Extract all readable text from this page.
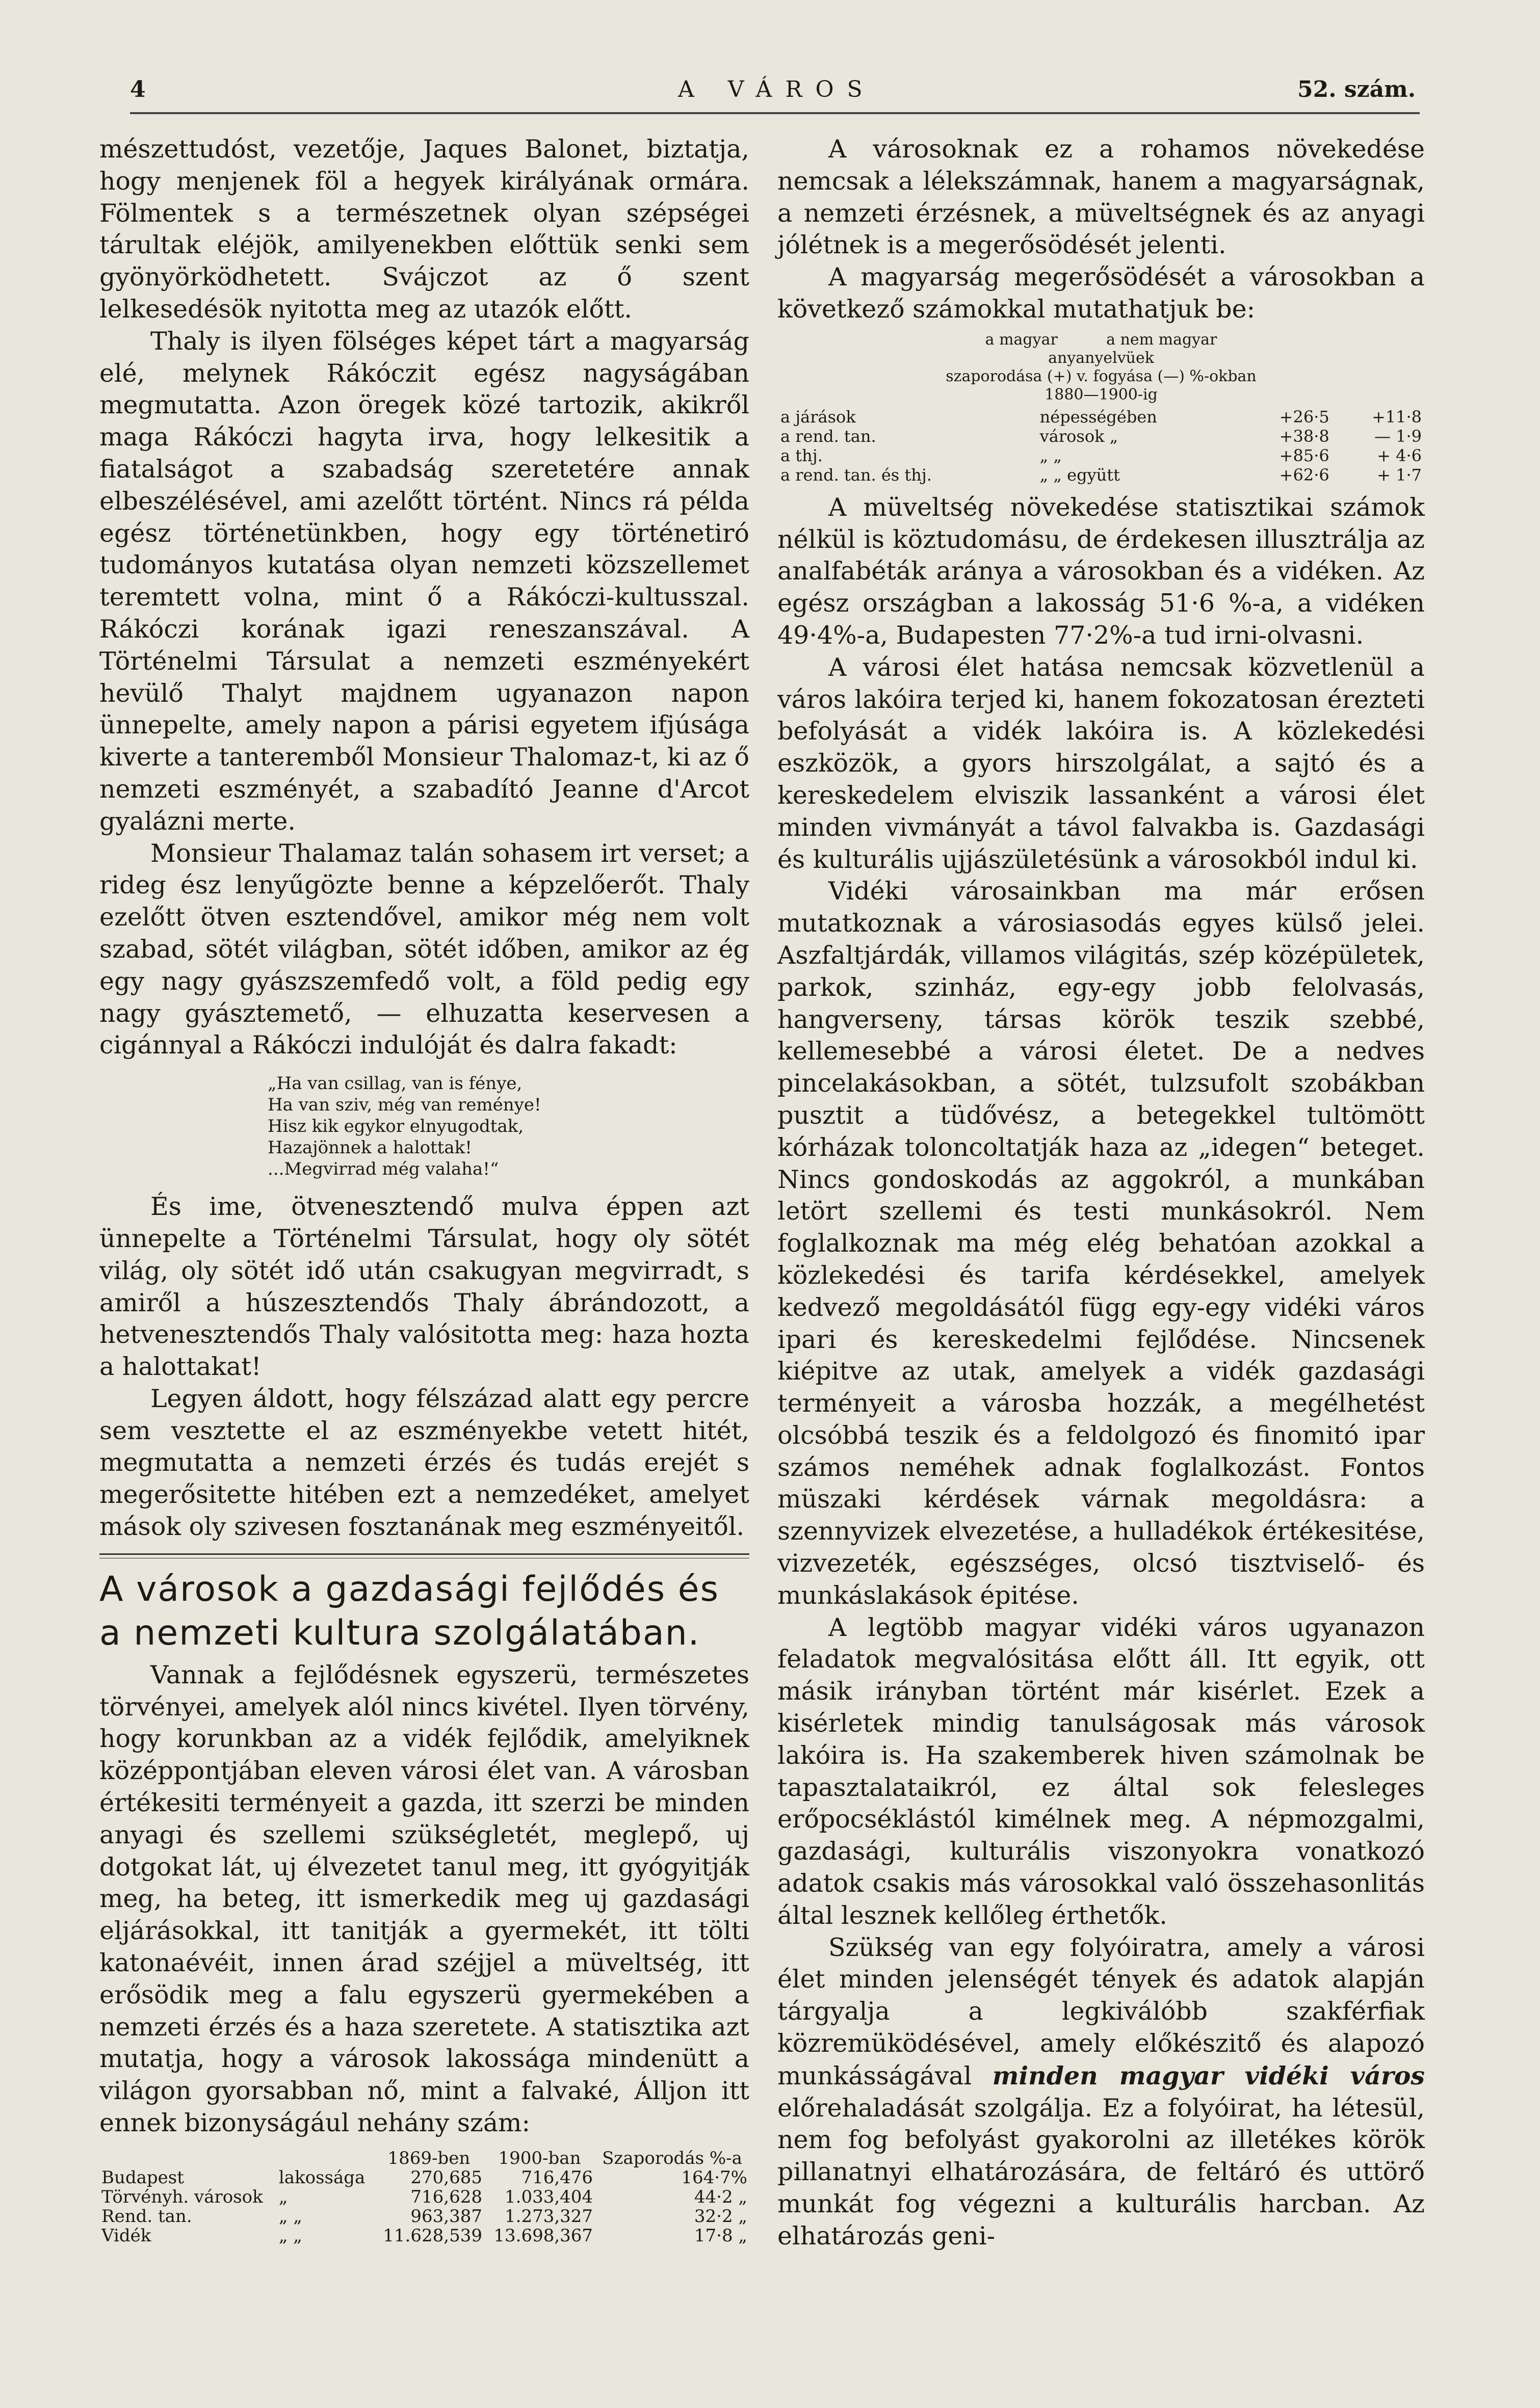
4	A VÁROS	52. szám.

mészettudóst, vezetője, Jaques Balonet, biztatja, hogy menjenek föl a hegyek királyának ormára. Fölmentek s a természetnek olyan szépségei tárultak eléjök, amilyenekben előttük senki sem gyönyörködhetett. Svájczot az ő szent lelkesedésök nyitotta meg az utazók előtt.

Thaly is ilyen fölséges képet tárt a magyarság elé, melynek Rákóczit egész nagyságában megmutatta. Azon öregek közé tartozik, akikről maga Rákóczi hagyta irva, hogy lelkesitik a fiatalságot a szabadság szeretetére annak elbeszélésével, ami azelőtt történt. Nincs rá példa egész történetünkben, hogy egy történetiró tudományos kutatása olyan nemzeti közszellemet teremtett volna, mint ő a Rákóczi-kultusszal. Rákóczi korának igazi reneszanszával. A Történelmi Társulat a nemzeti eszményekért hevülő Thalyt majdnem ugyanazon napon ünnepelte, amely napon a párisi egyetem ifjúsága kiverte a tanteremből Monsieur Thalomaz-t, ki az ő nemzeti eszményét, a szabadító Jeanne d'Arcot gyalázni merte.

Monsieur Thalamaz talán sohasem irt verset; a rideg ész lenyűgözte benne a képzelőerőt. Thaly ezelőtt ötven esztendővel, amikor még nem volt szabad, sötét világban, sötét időben, amikor az ég egy nagy gyászszemfedő volt, a föld pedig egy nagy gyásztemető, — elhuzatta keservesen a cigánnyal a Rákóczi indulóját és dalra fakadt:

„Ha van csillag, van is fénye,
Ha van sziv, még van reménye!
Hisz kik egykor elnyugodtak,
Hazajönnek a halottak!
...Megvirrad még valaha!“

És ime, ötvenesztendő mulva éppen azt ünnepelte a Történelmi Társulat, hogy oly sötét világ, oly sötét idő után csakugyan megvirradt, s amiről a húszesztendős Thaly ábrándozott, a hetvenesztendős Thaly valósitotta meg: haza hozta a halottakat!

Legyen áldott, hogy félszázad alatt egy percre sem vesztette el az eszményekbe vetett hitét, megmutatta a nemzeti érzés és tudás erejét s megerősitette hitében ezt a nemzedéket, amelyet mások oly szivesen fosztanának meg eszményeitől.

A városok a gazdasági fejlődés és a nemzeti kultura szolgálatában.

Vannak a fejlődésnek egyszerü, természetes törvényei, amelyek alól nincs kivétel. Ilyen törvény, hogy korunkban az a vidék fejlődik, amelyiknek középpontjában eleven városi élet van. A városban értékesiti terményeit a gazda, itt szerzi be minden anyagi és szellemi szükségletét, meglepő, uj dotgokat lát, uj élvezetet tanul meg, itt gyógyitják meg, ha beteg, itt ismerkedik meg uj gazdasági eljárásokkal, itt tanitják a gyermekét, itt tölti katonaévéit, innen árad széjjel a müveltség, itt erősödik meg a falu egyszerü gyermekében a nemzeti érzés és a haza szeretete. A statisztika azt mutatja, hogy a városok lakossága mindenütt a világon gyorsabban nő, mint a falvaké, Álljon itt ennek bizonyságául nehány szám:

		1869-ben	1900-ban	Szaporodás %-a
Budapest	lakossága	270,685	716,476	164·7%
Törvényh. városok	„	716,628	1.033,404	44·2 „
Rend. tan.	„ „	963,387	1.273,327	32·2 „
Vidék	„ „	11.628,539	13.698,367	17·8 „

A városoknak ez a rohamos növekedése nemcsak a lélekszámnak, hanem a magyarságnak, a nemzeti érzésnek, a müveltségnek és az anyagi jólétnek is a megerősödését jelenti.

A magyarság megerősödését a városokban a következő számokkal mutathatjuk be:

a magyar          a nem magyar
anyanyelvüek
szaporodása (+) v. fogyása (—) %-okban
1880—1900-ig
a járások	népességében	+26·5	+11·8
a rend. tan.	városok „	+38·8	— 1·9
a thj.	„ „	+85·6	+ 4·6
a rend. tan. és thj.	„ „ együtt	+62·6	+ 1·7

A müveltség növekedése statisztikai számok nélkül is köztudomásu, de érdekesen illusztrálja az analfabéták aránya a városokban és a vidéken. Az egész országban a lakosság 51·6 %-a, a vidéken 49·4%-a, Budapesten 77·2%-a tud irni-olvasni.

A városi élet hatása nemcsak közvetlenül a város lakóira terjed ki, hanem fokozatosan érezteti befolyását a vidék lakóira is. A közlekedési eszközök, a gyors hirszolgálat, a sajtó és a kereskedelem elviszik lassanként a városi élet minden vivmányát a távol falvakba is. Gazdasági és kulturális ujjászületésünk a városokból indul ki.

Vidéki városainkban ma már erősen mutatkoznak a városiasodás egyes külső jelei. Aszfaltjárdák, villamos világitás, szép középületek, parkok, szinház, egy-egy jobb felolvasás, hangverseny, társas körök teszik szebbé, kellemesebbé a városi életet. De a nedves pincelakásokban, a sötét, tulzsufolt szobákban pusztit a tüdővész, a betegekkel tultömött kórházak toloncoltatják haza az „idegen“ beteget. Nincs gondoskodás az aggokról, a munkában letört szellemi és testi munkásokról. Nem foglalkoznak ma még elég behatóan azokkal a közlekedési és tarifa kérdésekkel, amelyek kedvező megoldásától függ egy-egy vidéki város ipari és kereskedelmi fejlődése. Nincsenek kiépitve az utak, amelyek a vidék gazdasági terményeit a városba hozzák, a megélhetést olcsóbbá teszik és a feldolgozó és finomitó ipar számos neméhek adnak foglalkozást. Fontos müszaki kérdések várnak megoldásra: a szennyvizek elvezetése, a hulladékok értékesitése, vizvezeték, egészséges, olcsó tisztviselő- és munkáslakások épitése.

A legtöbb magyar vidéki város ugyanazon feladatok megvalósitása előtt áll. Itt egyik, ott másik irányban történt már kisérlet. Ezek a kisérletek mindig tanulságosak más városok lakóira is. Ha szakemberek hiven számolnak be tapasztalataikról, ez által sok felesleges erőpocséklástól kimélnek meg. A népmozgalmi, gazdasági, kulturális viszonyokra vonatkozó adatok csakis más városokkal való összehasonlitás által lesznek kellőleg érthetők.

Szükség van egy folyóiratra, amely a városi élet minden jelenségét tények és adatok alapján tárgyalja a legkiválóbb szakférfiak közremüködésével, amely előkészitő és alapozó munkásságával minden magyar vidéki város előrehaladását szolgálja. Ez a folyóirat, ha létesül, nem fog befolyást gyakorolni az illetékes körök pillanatnyi elhatározására, de feltáró és uttörő munkát fog végezni a kulturális harcban. Az elhatározás geni-
